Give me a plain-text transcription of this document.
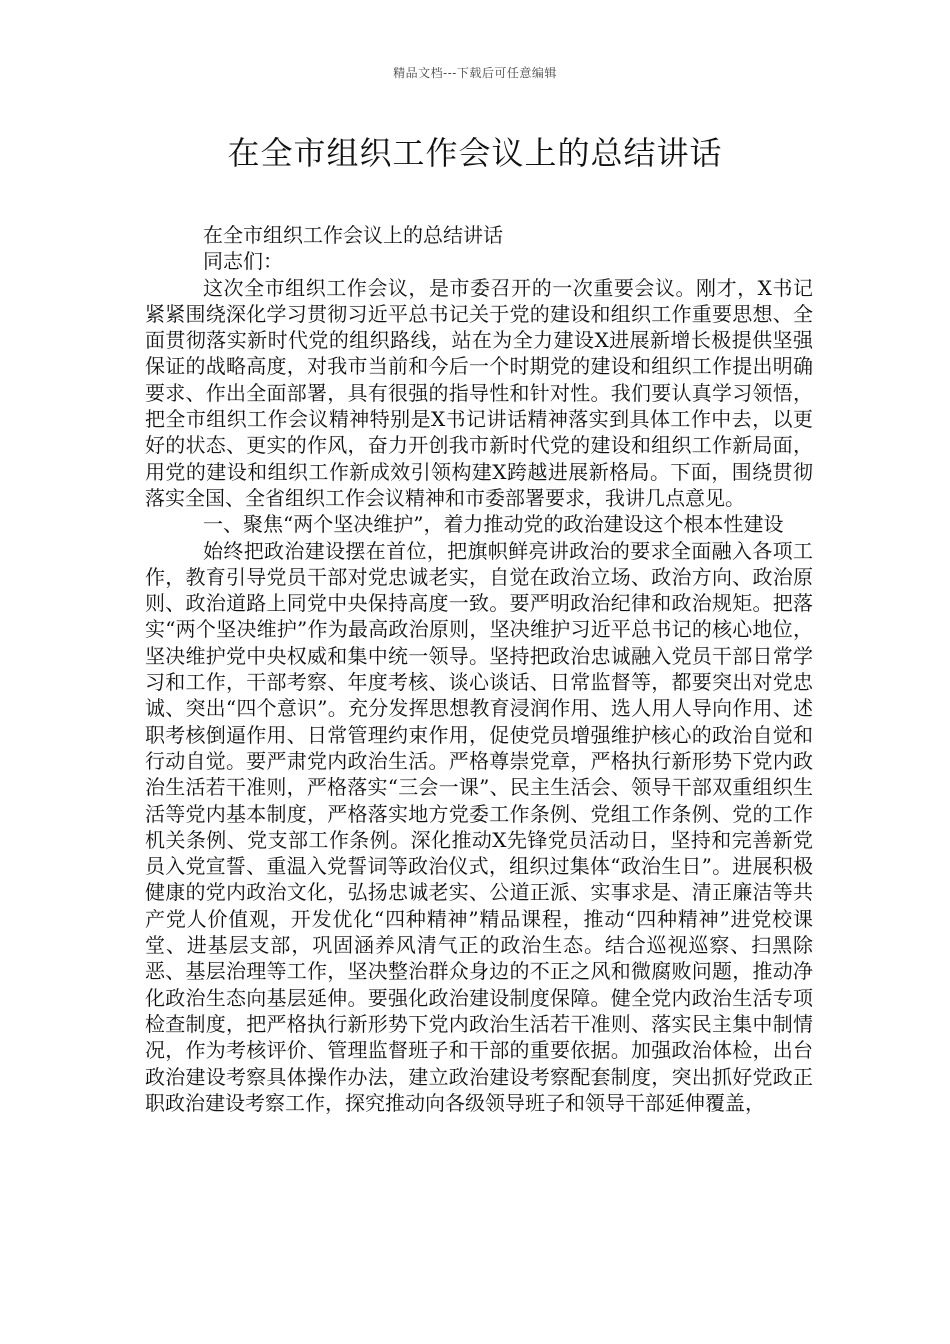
精品文档---下载后可任意编辑
在全市组织工作会议上的总结讲话

在全市组织工作会议上的总结讲话

同志们：

这次全市组织工作会议，是市委召开的一次重要会议。刚才，X书记紧紧围绕深化学习贯彻习近平总书记关于党的建设和组织工作重要思想、全面贯彻落实新时代党的组织路线，站在为全力建设X进展新增长极提供坚强保证的战略高度，对我市当前和今后一个时期党的建设和组织工作提出明确要求、作出全面部署，具有很强的指导性和针对性。我们要认真学习领悟，把全市组织工作会议精神特别是X书记讲话精神落实到具体工作中去，以更好的状态、更实的作风，奋力开创我市新时代党的建设和组织工作新局面，用党的建设和组织工作新成效引领构建X跨越进展新格局。下面，围绕贯彻落实全国、全省组织工作会议精神和市委部署要求，我讲几点意见。

一、聚焦“两个坚决维护”，着力推动党的政治建设这个根本性建设

始终把政治建设摆在首位，把旗帜鲜亮讲政治的要求全面融入各项工作，教育引导党员干部对党忠诚老实，自觉在政治立场、政治方向、政治原则、政治道路上同党中央保持高度一致。要严明政治纪律和政治规矩。把落实“两个坚决维护”作为最高政治原则，坚决维护习近平总书记的核心地位，坚决维护党中央权威和集中统一领导。坚持把政治忠诚融入党员干部日常学习和工作，干部考察、年度考核、谈心谈话、日常监督等，都要突出对党忠诚、突出“四个意识”。充分发挥思想教育浸润作用、选人用人导向作用、述职考核倒逼作用、日常管理约束作用，促使党员增强维护核心的政治自觉和行动自觉。要严肃党内政治生活。严格尊崇党章，严格执行新形势下党内政治生活若干准则，严格落实“三会一课”、民主生活会、领导干部双重组织生活等党内基本制度，严格落实地方党委工作条例、党组工作条例、党的工作机关条例、党支部工作条例。深化推动X先锋党员活动日，坚持和完善新党员入党宣誓、重温入党誓词等政治仪式，组织过集体“政治生日”。进展积极健康的党内政治文化，弘扬忠诚老实、公道正派、实事求是、清正廉洁等共产党人价值观，开发优化“四种精神”精品课程，推动“四种精神”进党校课堂、进基层支部，巩固涵养风清气正的政治生态。结合巡视巡察、扫黑除恶、基层治理等工作，坚决整治群众身边的不正之风和微腐败问题，推动净化政治生态向基层延伸。要强化政治建设制度保障。健全党内政治生活专项检查制度，把严格执行新形势下党内政治生活若干准则、落实民主集中制情况，作为考核评价、管理监督班子和干部的重要依据。加强政治体检，出台政治建设考察具体操作办法，建立政治建设考察配套制度，突出抓好党政正职政治建设考察工作，探究推动向各级领导班子和领导干部延伸覆盖，
